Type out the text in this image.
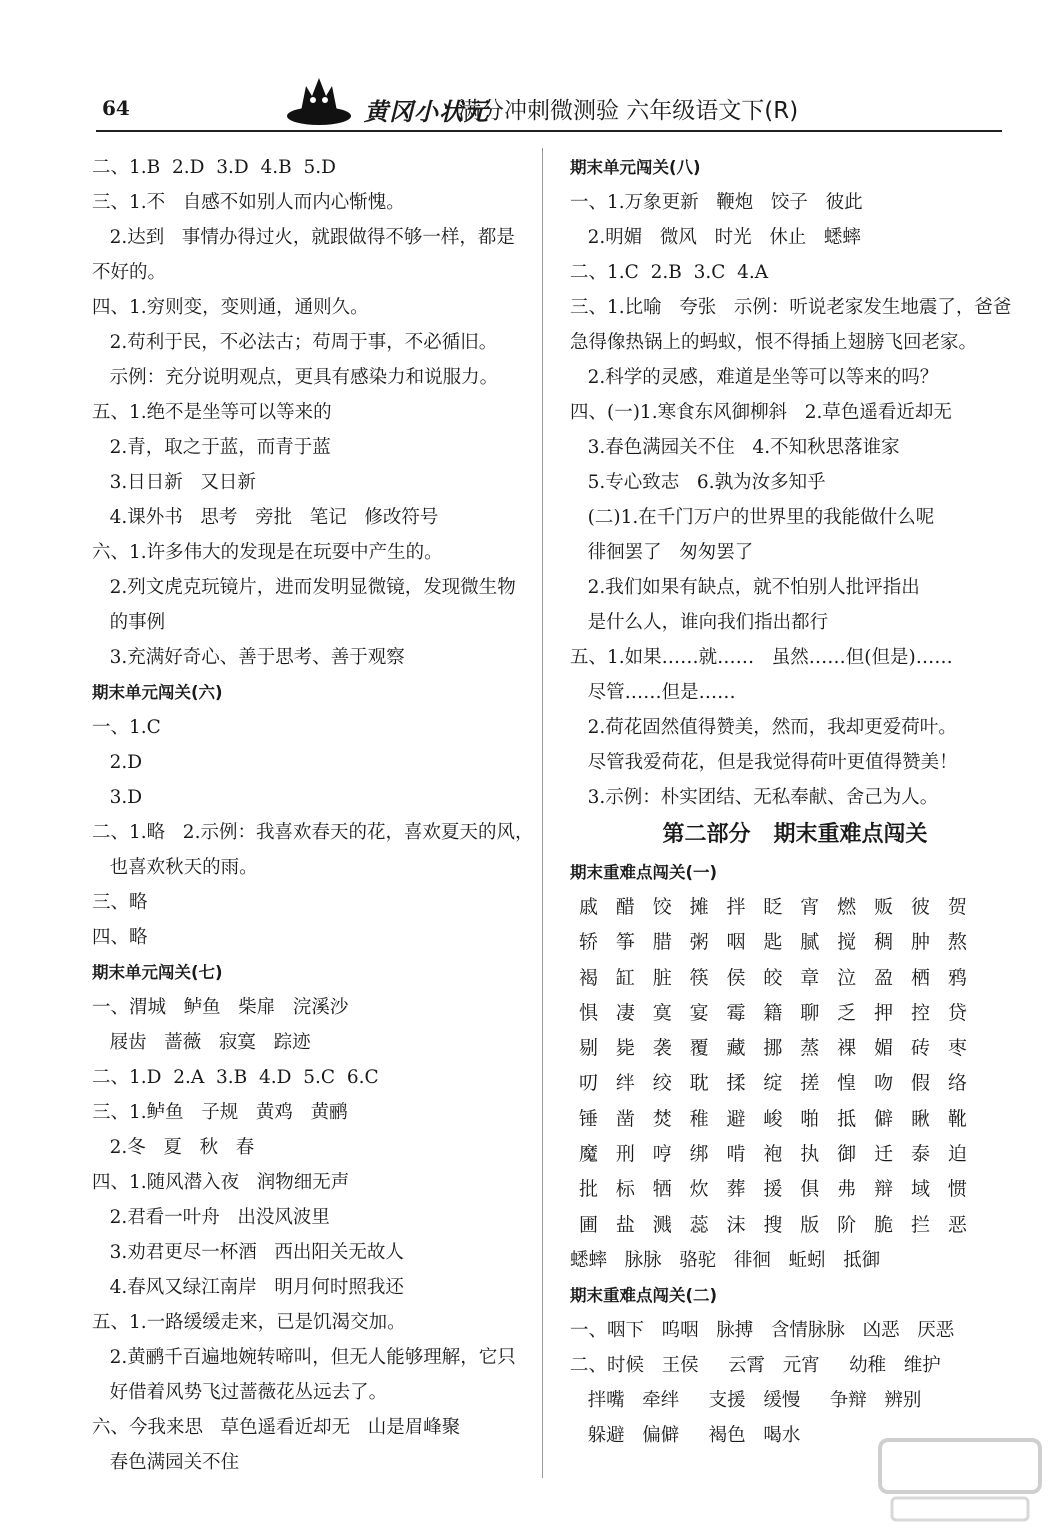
64	黄冈小状元
满分冲刺微测验 六年级语文下(R)
二、1.B  2.D  3.D  4.B  5.D
三、1.不   自感不如别人而内心惭愧。
2.达到   事情办得过火，就跟做得不够一样，都是
不好的。
四、1.穷则变，变则通，通则久。
2.苟利于民，不必法古；苟周于事，不必循旧。
示例：充分说明观点，更具有感染力和说服力。
五、1.绝不是坐等可以等来的
2.青，取之于蓝，而青于蓝
3.日日新   又日新
4.课外书   思考   旁批   笔记   修改符号
六、1.许多伟大的发现是在玩耍中产生的。
2.列文虎克玩镜片，进而发明显微镜，发现微生物
的事例
3.充满好奇心、善于思考、善于观察
期末单元闯关(六)
一、1.C
2.D
3.D
二、1.略   2.示例：我喜欢春天的花，喜欢夏天的风，
也喜欢秋天的雨。
三、略
四、略
期末单元闯关(七)
一、渭城   鲈鱼   柴扉   浣溪沙
屐齿   蔷薇   寂寞   踪迹
二、1.D  2.A  3.B  4.D  5.C  6.C
三、1.鲈鱼   子规   黄鸡   黄鹂
2.冬   夏   秋   春
四、1.随风潜入夜   润物细无声
2.君看一叶舟   出没风波里
3.劝君更尽一杯酒   西出阳关无故人
4.春风又绿江南岸   明月何时照我还
五、1.一路缓缓走来，已是饥渴交加。
2.黄鹂千百遍地婉转啼叫，但无人能够理解，它只
好借着风势飞过蔷薇花丛远去了。
六、今我来思   草色遥看近却无   山是眉峰聚
春色满园关不住
期末单元闯关(八)
一、1.万象更新   鞭炮   饺子   彼此
2.明媚   微风   时光   休止   蟋蟀
二、1.C  2.B  3.C  4.A
三、1.比喻   夸张   示例：听说老家发生地震了，爸爸
急得像热锅上的蚂蚁，恨不得插上翅膀飞回老家。
2.科学的灵感，难道是坐等可以等来的吗？
四、(一)1.寒食东风御柳斜   2.草色遥看近却无
3.春色满园关不住   4.不知秋思落谁家
5.专心致志   6.孰为汝多知乎
(二)1.在千门万户的世界里的我能做什么呢
徘徊罢了   匆匆罢了
2.我们如果有缺点，就不怕别人批评指出
是什么人，谁向我们指出都行
五、1.如果……就……   虽然……但(但是)……
尽管……但是……
2.荷花固然值得赞美，然而，我却更爱荷叶。
尽管我爱荷花，但是我觉得荷叶更值得赞美！
3.示例：朴实团结、无私奉献、舍己为人。
第二部分   期末重难点闯关
期末重难点闯关(一)
戚 醋 饺 摊 拌 眨 宵 燃 贩 彼 贺
轿 筝 腊 粥 咽 匙 腻 搅 稠 肿 熬
褐 缸 脏 筷 侯 皎 章 泣 盈 栖 鸦
惧 凄 寞 宴 霉 籍 聊 乏 押 控 贷
剔 毙 袭 覆 藏 挪 蒸 裸 媚 砖 枣
叨 绊 绞 耽 揉 绽 搓 惶 吻 假 络
锤 凿 焚 稚 避 峻 啪 抵 僻 瞅 靴
魔 刑 哼 绑 啃 袍 执 御 迁 泰 迫
批 标 牺 炊 葬 援 俱 弗 辩 域 惯
圃 盐 溅 蕊 沫 搜 版 阶 脆 拦 恶
蟋蟀   脉脉   骆驼   徘徊   蚯蚓   抵御
期末重难点闯关(二)
一、咽下   呜咽   脉搏   含情脉脉   凶恶   厌恶
二、时候   王侯     云霄   元宵     幼稚   维护
拌嘴   牵绊     支援   缓慢     争辩   辨别
躲避   偏僻     褐色   喝水
